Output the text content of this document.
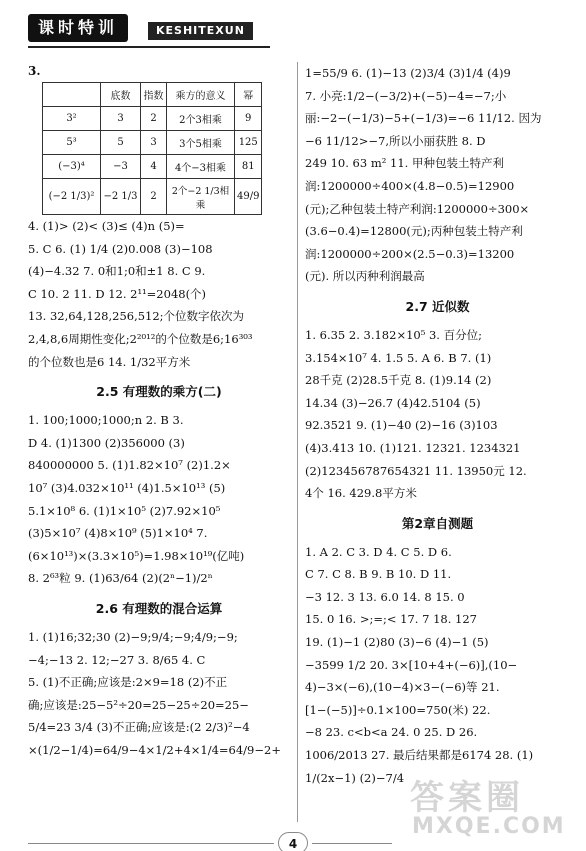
课时特训	KESHITEXUN
3.
	底数	指数	乘方的意义	幂
3²	3	2	2个3相乘	9
5³	5	3	3个5相乘	125
(−3)⁴	−3	4	4个−3相乘	81
(−2 1/3)²	−2 1/3	2	2个−2 1/3相乘	49/9
4. (1)> (2)< (3)≤ (4)n (5)=
5. C 6. (1) 1/4 (2)0.008 (3)−108
(4)−4.32 7. 0和1;0和±1 8. C 9.
C 10. 2 11. D 12. 2¹¹=2048(个)
13. 32,64,128,256,512;个位数字依次为
2,4,8,6周期性变化;2²⁰¹²的个位数是6;16³⁰³
的个位数也是6 14. 1/32平方米
2.5 有理数的乘方(二)
1. 100;1000;1000;n 2. B 3.
D 4. (1)1300 (2)356000 (3)
840000000 5. (1)1.82×10⁷ (2)1.2×
10⁷ (3)4.032×10¹¹ (4)1.5×10¹³ (5)
5.1×10⁸ 6. (1)1×10⁵ (2)7.92×10⁵
(3)5×10⁷ (4)8×10⁹ (5)1×10⁴ 7.
(6×10¹³)×(3.3×10⁵)=1.98×10¹⁹(亿吨)
8. 2⁶³粒 9. (1)63/64 (2)(2ⁿ−1)/2ⁿ
2.6 有理数的混合运算
1. (1)16;32;30 (2)−9;9/4;−9;4/9;−9;
−4;−13 2. 12;−27 3. 8/65 4. C
5. (1)不正确;应该是:2×9=18 (2)不正
确;应该是:25−5²÷20=25−25÷20=25−
5/4=23 3/4 (3)不正确;应该是:(2 2/3)²−4
×(1/2−1/4)=64/9−4×1/2+4×1/4=64/9−2+
1=55/9 6. (1)−13 (2)3/4 (3)1/4 (4)9
7. 小亮:1/2−(−3/2)+(−5)−4=−7;小
丽:−2−(−1/3)−5+(−1/3)=−6 11/12. 因为
−6 11/12>−7,所以小丽获胜 8. D
249 10. 63 m² 11. 甲种包装土特产利
润:1200000÷400×(4.8−0.5)=12900
(元);乙种包装土特产利润:1200000÷300×
(3.6−0.4)=12800(元);丙种包装土特产利
润:1200000÷200×(2.5−0.3)=13200
(元). 所以丙种利润最高
2.7 近似数
1. 6.35 2. 3.182×10⁵ 3. 百分位;
3.154×10⁷ 4. 1.5 5. A 6. B 7. (1)
28千克 (2)28.5千克 8. (1)9.14 (2)
14.34 (3)−26.7 (4)42.5104 (5)
92.3521 9. (1)−40 (2)−16 (3)103
(4)3.413 10. (1)121. 12321. 1234321
(2)123456787654321 11. 13950元 12.
4个 16. 429.8平方米
第2章自测题
1. A 2. C 3. D 4. C 5. D 6.
C 7. C 8. B 9. B 10. D 11.
−3 12. 3 13. 6.0 14. 8 15. 0
15. 0 16. >;=;< 17. 7 18. 127
19. (1)−1 (2)80 (3)−6 (4)−1 (5)
−3599 1/2 20. 3×[10+4+(−6)],(10−
4)−3×(−6),(10−4)×3−(−6)等 21.
[1−(−5)]÷0.1×100=750(米) 22.
−8 23. c<b<a 24. 0 25. D 26.
1006/2013 27. 最后结果都是6174 28. (1)
1/(2x−1) (2)−7/4
4
答案圈
MXQE.COM
